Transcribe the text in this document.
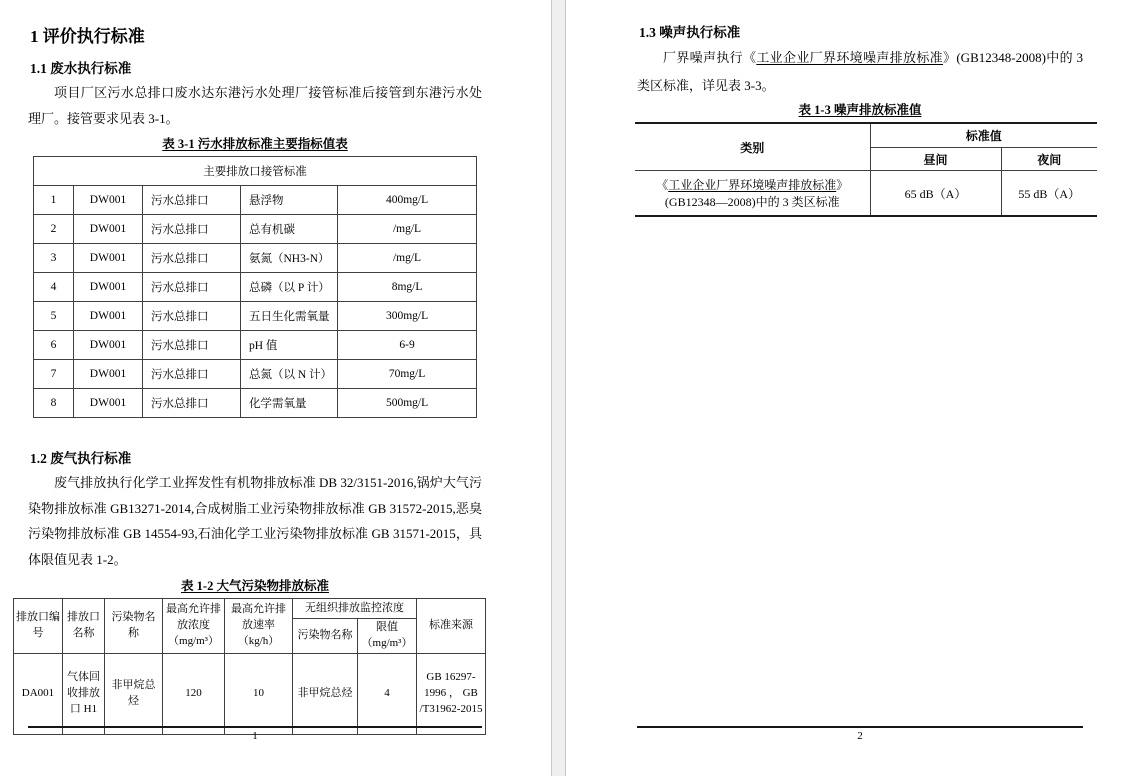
1 评价执行标准
1.1 废水执行标准

项目厂区污水总排口废水达东港污水处理厂接管标准后接管到东港污水处理厂。接管要求见表 3-1。

表 3-1 污水排放标准主要指标值表
主要排放口接管标准				
1	DW001	污水总排口	悬浮物	400mg/L
2	DW001	污水总排口	总有机碳	/mg/L
3	DW001	污水总排口	氨氮（NH3-N）	/mg/L
4	DW001	污水总排口	总磷（以 P 计）	8mg/L
5	DW001	污水总排口	五日生化需氧量	300mg/L
6	DW001	污水总排口	pH 值	6-9
7	DW001	污水总排口	总氮（以 N 计）	70mg/L
8	DW001	污水总排口	化学需氧量	500mg/L
1.2 废气执行标准

废气排放执行化学工业挥发性有机物排放标准 DB 32/3151-2016,锅炉大气污染物排放标准 GB13271-2014,合成树脂工业污染物排放标准 GB 31572-2015,恶臭污染物排放标准 GB 14554-93,石油化学工业污染物排放标准 GB 31571-2015，具体限值见表 1-2。

表 1-2 大气污染物排放标准
排放口编号	排放口名称	污染物名称	最高允许排放浓度（mg/m³）	最高允许排放速率（kg/h）	无组织排放监控浓度		标准来源
					污染物名称	限值（mg/m³）	
DA001	气体回收排放口 H1	非甲烷总烃	120	10	非甲烷总烃	4	GB 16297-1996 ， GB /T31962-2015
1
1.3 噪声执行标准

厂界噪声执行《工业企业厂界环境噪声排放标准》(GB12348-2008)中的 3 类区标准，详见表 3-3。

表 1-3 噪声排放标准值
类别	标准值	
	昼间	夜间

《工业企业厂界环境噪声排放标准》
(GB12348—2008)中的 3 类区标准	65 dB（A）	55 dB（A）
2
